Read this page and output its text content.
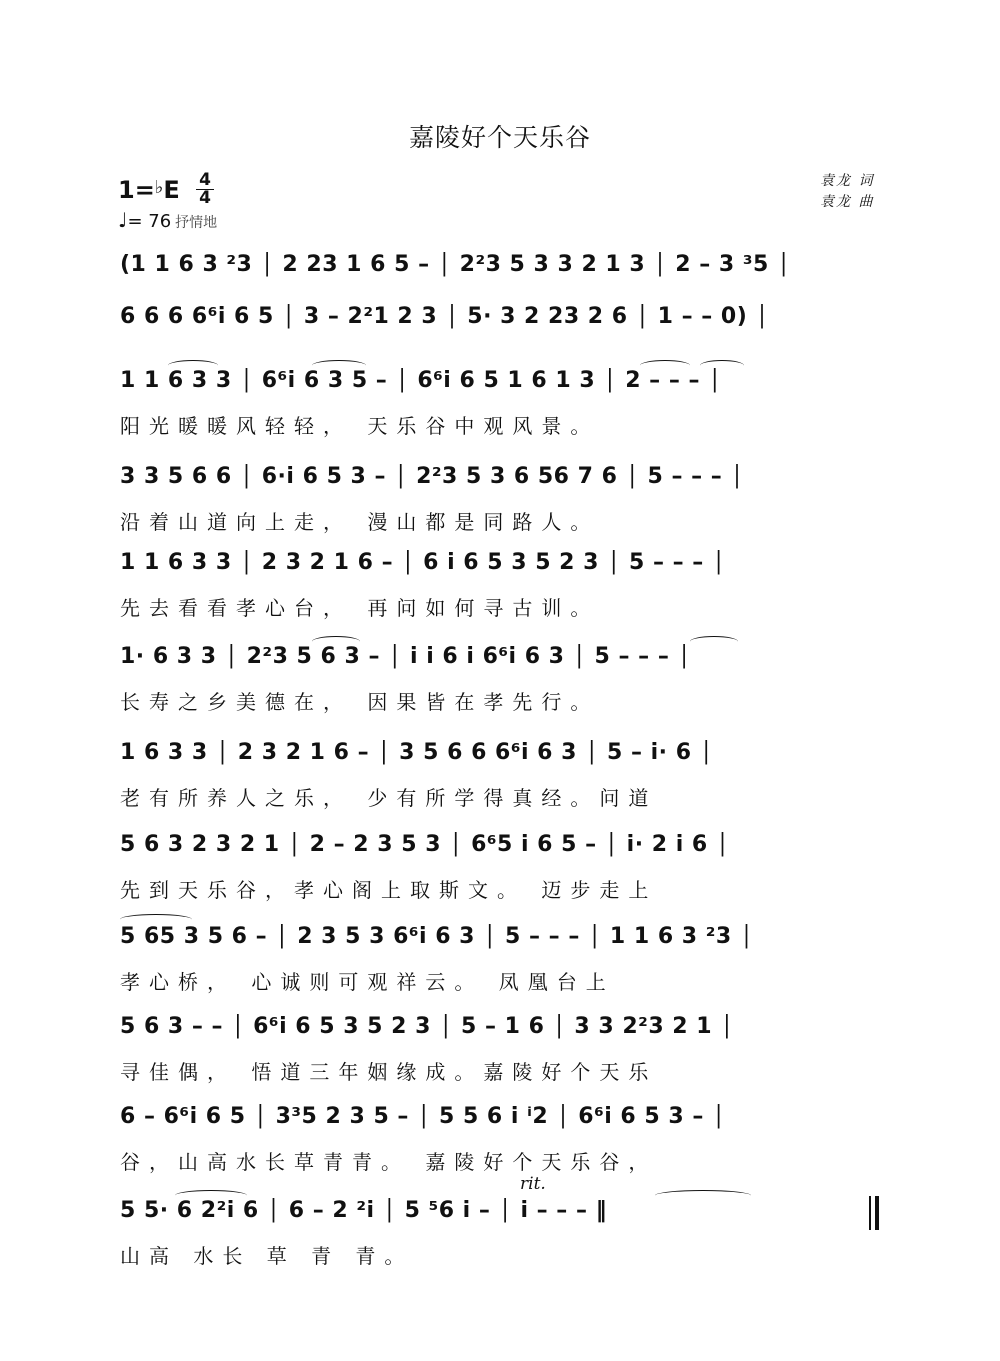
嘉陵好个天乐谷
袁龙 词
袁龙 曲
$1=^♭E \frac{4}{4}$
♩= 76 抒情地
(1 1 6 3 ²3 │ 2 23 1 6 5 – │ 2²3 5 3 3 2 1 3 │ 2 – 3 ³5 │
6 6 6 6⁶i 6 5 │ 3 – 2²1 2 3 │ 5· 3 2 23 2 6 │ 1 – – 0) │
1 1 6 3 3 │ 6⁶i 6 3 5 – │ 6⁶i 6 5 1 6 1 3 │ 2 – – – │
阳光暖暖风轻轻， 天乐谷中观风景。
3 3 5 6 6 │ 6·i 6 5 3 – │ 2²3 5 3 6 56 7 6 │ 5 – – – │
沿着山道向上走， 漫山都是同路人。
1 1 6 3 3 │ 2 3 2 1 6 – │ 6 i 6 5 3 5 2 3 │ 5 – – – │
先去看看孝心台， 再问如何寻古训。
1· 6 3 3 │ 2²3 5 6 3 – │ i i 6 i 6⁶i 6 3 │ 5 – – – │
长寿之乡美德在， 因果皆在孝先行。
1 6 3 3 │ 2 3 2 1 6 – │ 3 5 6 6 6⁶i 6 3 │ 5 – i· 6 │
老有所养人之乐， 少有所学得真经。问道
5 6 3 2 3 2 1 │ 2 – 2 3 5 3 │ 6⁶5 i 6 5 – │ i· 2 i 6 │
先到天乐谷，孝心阁上取斯文。 迈步走上
5 65 3 5 6 – │ 2 3 5 3 6⁶i 6 3 │ 5 – – – │ 1 1 6 3 ²3 │
孝心桥， 心诚则可观祥云。 凤凰台上
5 6 3 – – │ 6⁶i 6 5 3 5 2 3 │ 5 – 1 6 │ 3 3 2²3 2 1 │
寻佳偶， 悟道三年姻缘成。嘉陵好个天乐
6 – 6⁶i 6 5 │ 3³5 2 3 5 – │ 5 5 6 i ⁱ2 │ 6⁶i 6 5 3 – │
谷，山高水长草青青。 嘉陵好个天乐谷，
5 5· 6 2²i 6 │ 6 – 2 ²i │ 5 ⁵6 i – │ i – – – ‖
山高 水长 草 青 青。
rit.
